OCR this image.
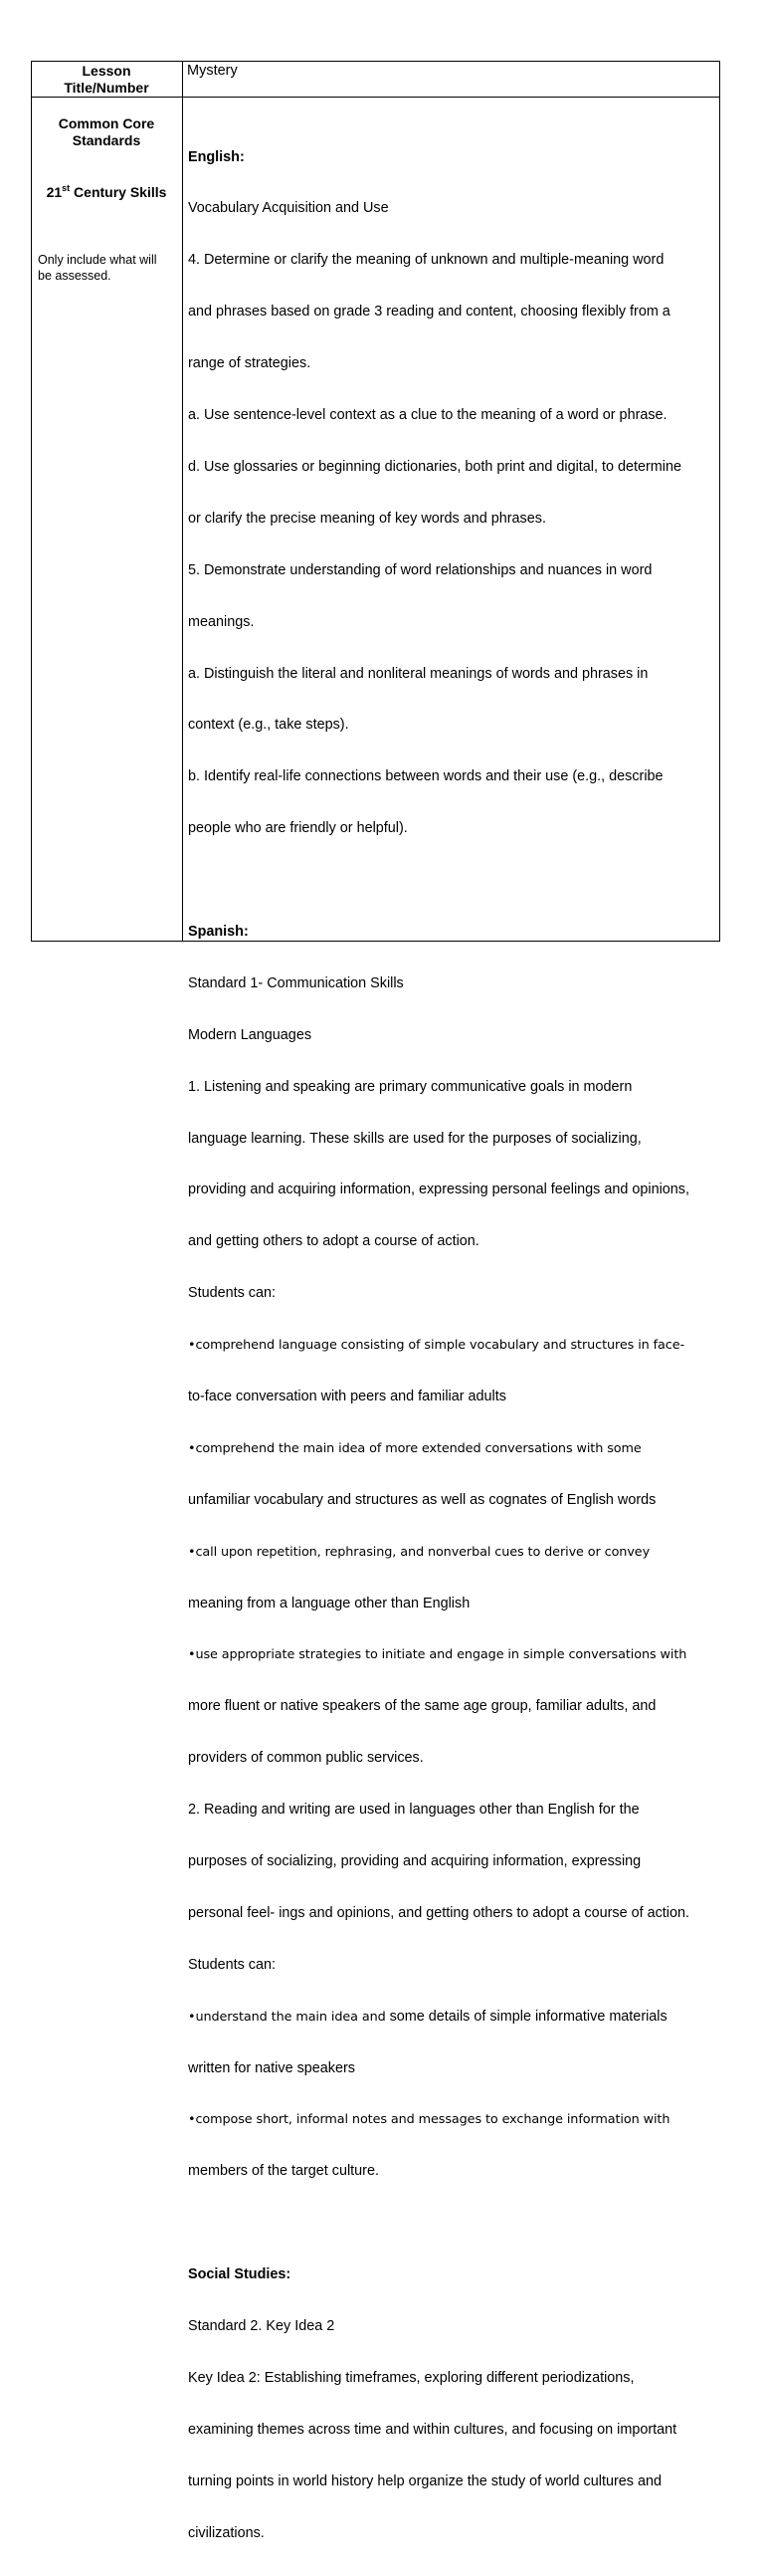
Lesson
Title/Number
Mystery
Common Core
Standards
21st Century Skills
Only include what will
be assessed.

English:

Vocabulary Acquisition and Use

4. Determine or clarify the meaning of unknown and multiple-meaning word

and phrases based on grade 3 reading and content, choosing flexibly from a

range of strategies.

a. Use sentence-level context as a clue to the meaning of a word or phrase.

d. Use glossaries or beginning dictionaries, both print and digital, to determine

or clarify the precise meaning of key words and phrases.

5. Demonstrate understanding of word relationships and nuances in word

meanings.

a. Distinguish the literal and nonliteral meanings of words and phrases in

context (e.g., take steps).

b. Identify real-life connections between words and their use (e.g., describe

people who are friendly or helpful).

Spanish:

Standard 1- Communication Skills

Modern Languages

1. Listening and speaking are primary communicative goals in modern

language learning. These skills are used for the purposes of socializing,

providing and acquiring information, expressing personal feelings and opinions,

and getting others to adopt a course of action.

Students can:

•comprehend language consisting of simple vocabulary and structures in face-

to-face conversation with peers and familiar adults

•comprehend the main idea of more extended conversations with some

unfamiliar vocabulary and structures as well as cognates of English words

•call upon repetition, rephrasing, and nonverbal cues to derive or convey

meaning from a language other than English

•use appropriate strategies to initiate and engage in simple conversations with

more fluent or native speakers of the same age group, familiar adults, and

providers of common public services.

2. Reading and writing are used in languages other than English for the

purposes of socializing, providing and acquiring information, expressing

personal feel- ings and opinions, and getting others to adopt a course of action.

Students can:

•understand the main idea and some details of simple informative materials

written for native speakers

•compose short, informal notes and messages to exchange information with

members of the target culture.

Social Studies:

Standard 2. Key Idea 2

Key Idea 2: Establishing timeframes, exploring different periodizations,

examining themes across time and within cultures, and focusing on important

turning points in world history help organize the study of world cultures and

civilizations.
